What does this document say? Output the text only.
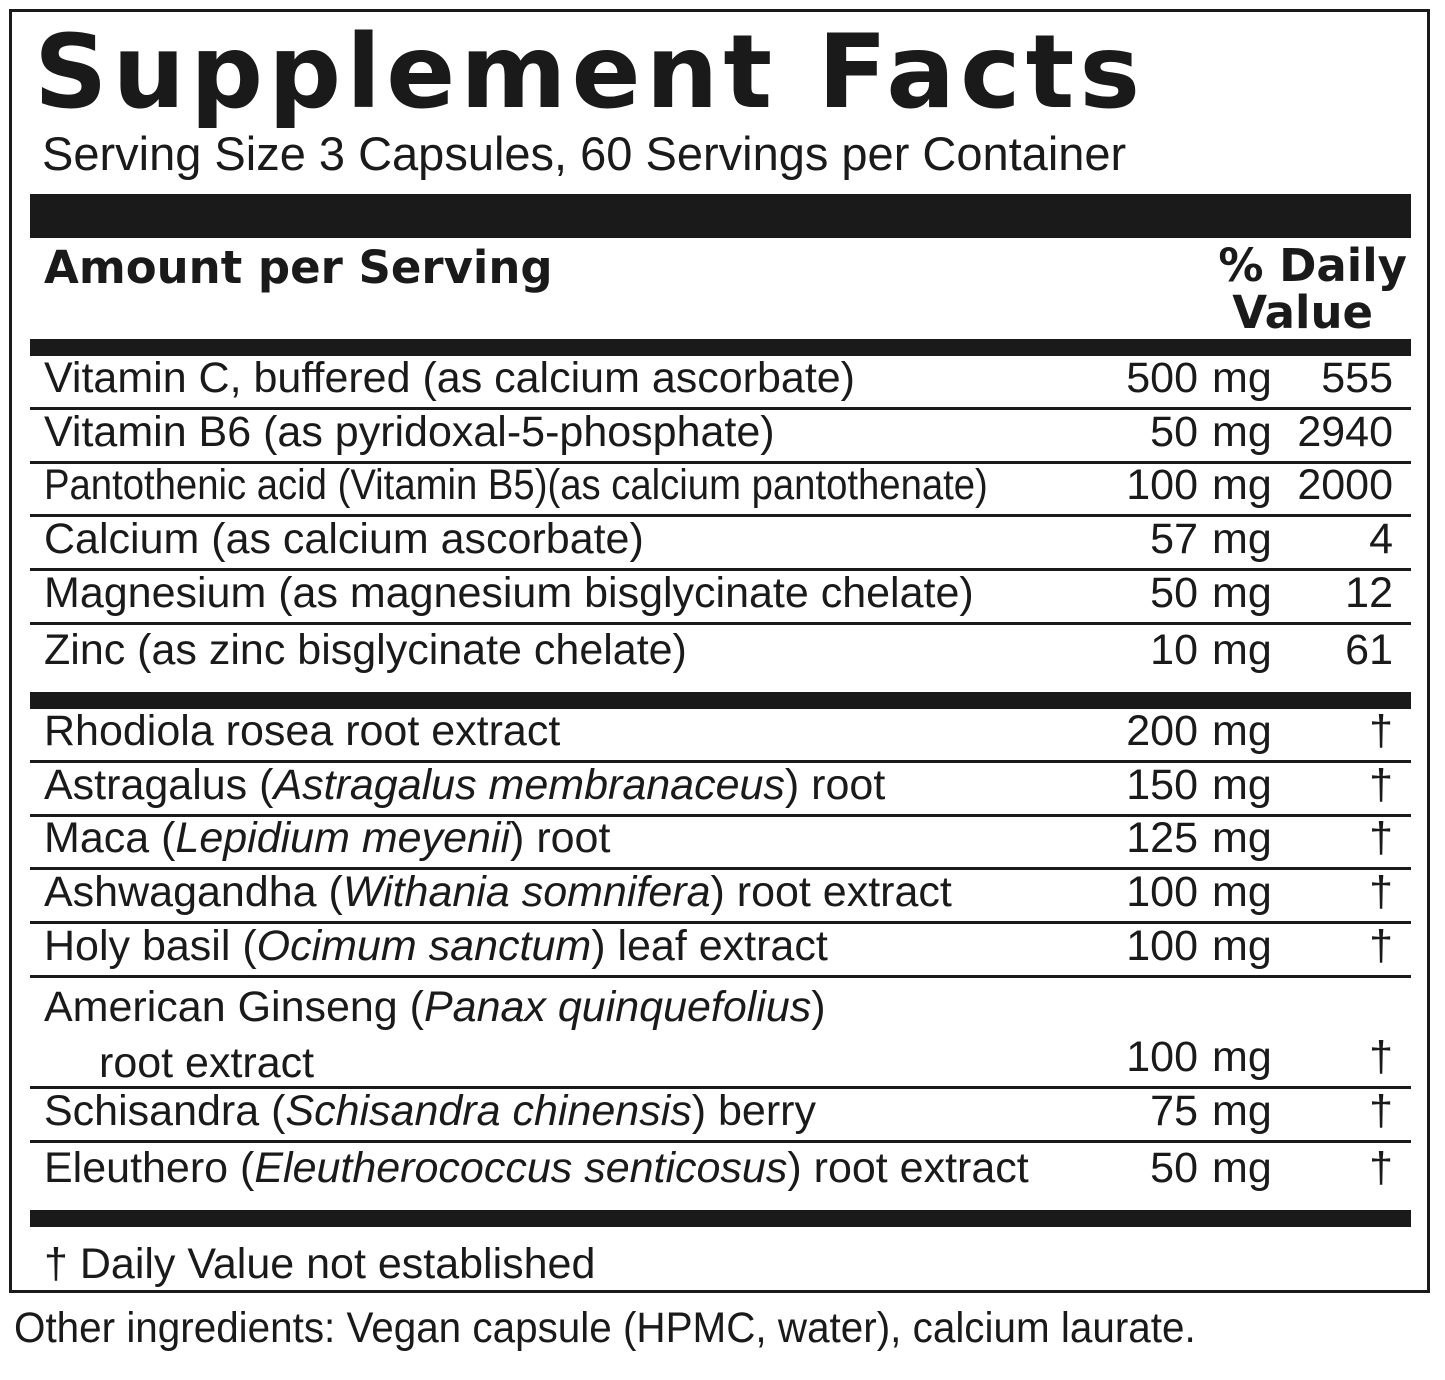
Supplement Facts
Serving Size 3 Capsules, 60 Servings per Container
Amount per Serving	% Daily
Value
Vitamin C, buffered (as calcium ascorbate)	500 mg 555
Vitamin B6 (as pyridoxal-5-phosphate)	50 mg 2940
Pantothenic acid (Vitamin B5)(as calcium pantothenate)	100 mg 2000
Calcium (as calcium ascorbate)	57 mg 4
Magnesium (as magnesium bisglycinate chelate)	50 mg 12
Zinc (as zinc bisglycinate chelate)	10 mg 61
Rhodiola rosea root extract	200 mg †
Astragalus (Astragalus membranaceus) root	150 mg †
Maca (Lepidium meyenii) root	125 mg †
Ashwagandha (Withania somnifera) root extract	100 mg †
Holy basil (Ocimum sanctum) leaf extract	100 mg †
American Ginseng (Panax quinquefolius)
root extract	100 mg †
Schisandra (Schisandra chinensis) berry	75 mg †
Eleuthero (Eleutherococcus senticosus) root extract	50 mg †
† Daily Value not established
Other ingredients: Vegan capsule (HPMC, water), calcium laurate.
